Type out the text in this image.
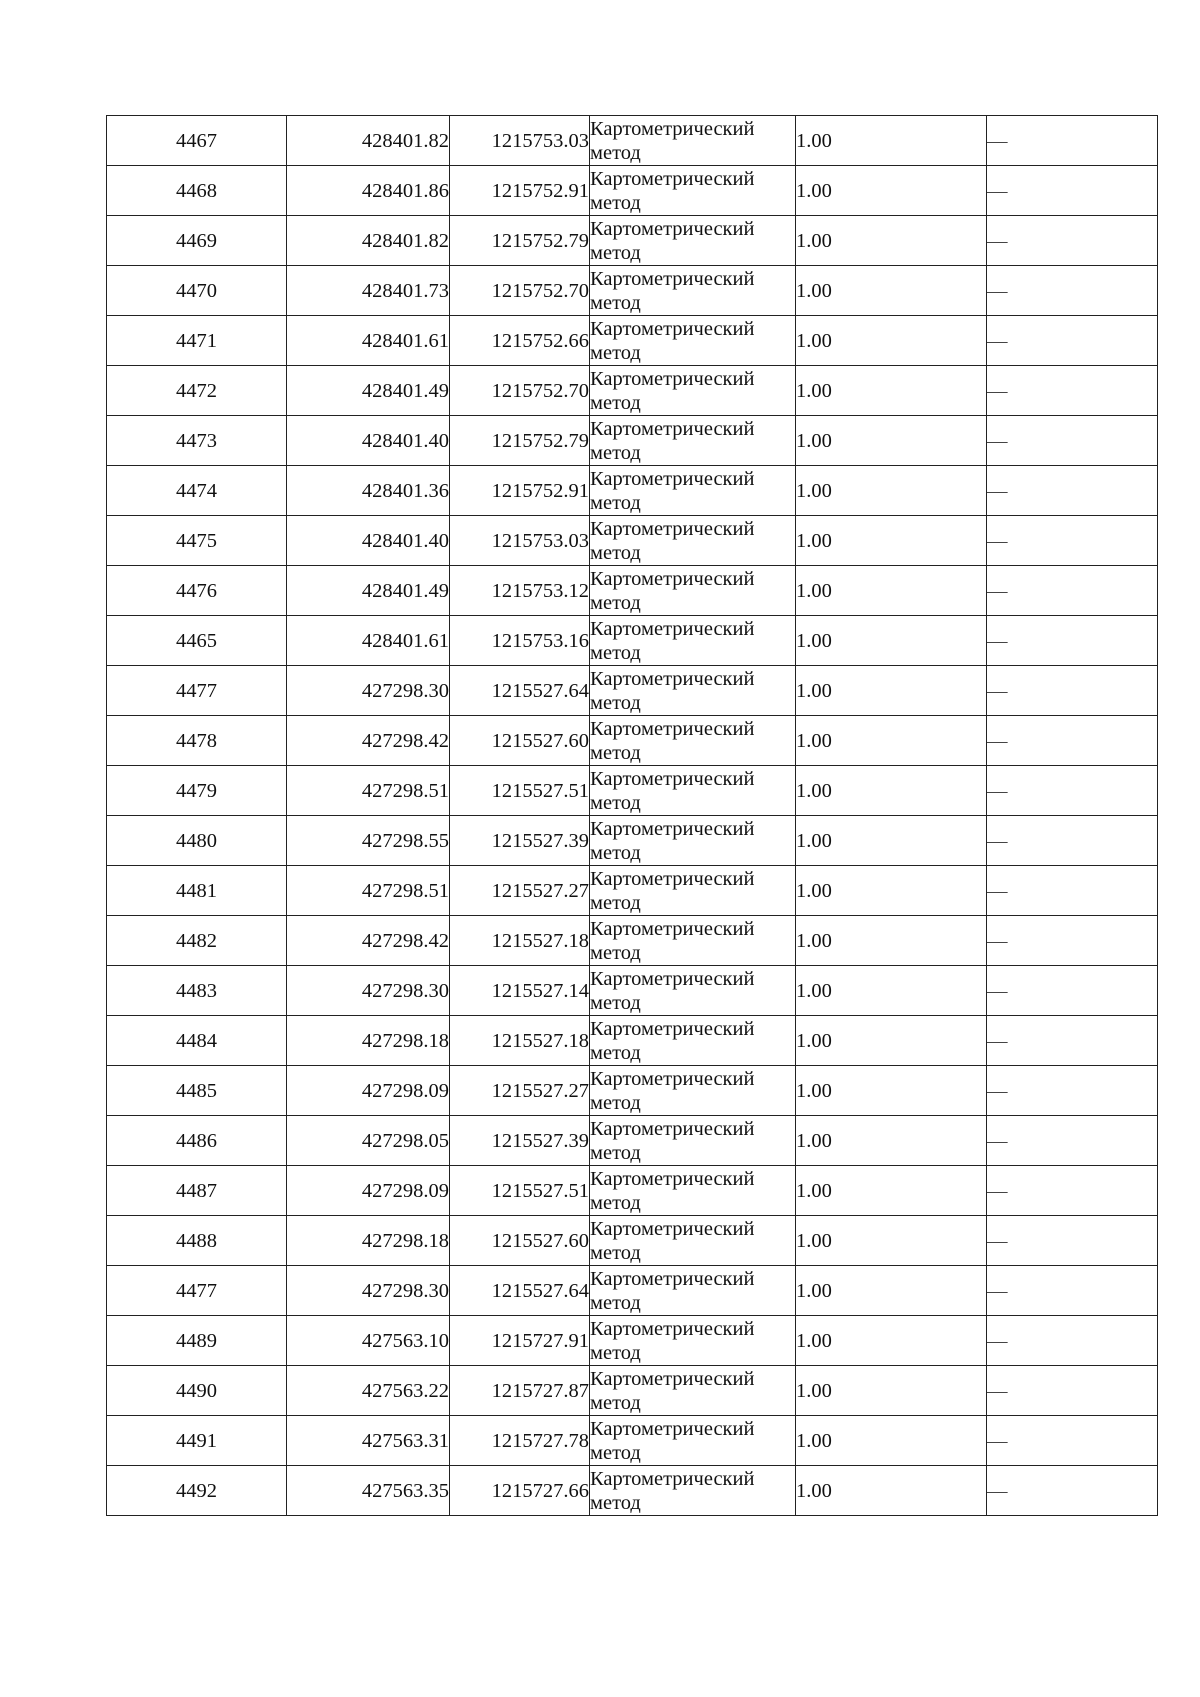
4467	428401.82	1215753.03	Картометрический
метод	1.00	—
4468	428401.86	1215752.91	Картометрический
метод	1.00	—
4469	428401.82	1215752.79	Картометрический
метод	1.00	—
4470	428401.73	1215752.70	Картометрический
метод	1.00	—
4471	428401.61	1215752.66	Картометрический
метод	1.00	—
4472	428401.49	1215752.70	Картометрический
метод	1.00	—
4473	428401.40	1215752.79	Картометрический
метод	1.00	—
4474	428401.36	1215752.91	Картометрический
метод	1.00	—
4475	428401.40	1215753.03	Картометрический
метод	1.00	—
4476	428401.49	1215753.12	Картометрический
метод	1.00	—
4465	428401.61	1215753.16	Картометрический
метод	1.00	—
4477	427298.30	1215527.64	Картометрический
метод	1.00	—
4478	427298.42	1215527.60	Картометрический
метод	1.00	—
4479	427298.51	1215527.51	Картометрический
метод	1.00	—
4480	427298.55	1215527.39	Картометрический
метод	1.00	—
4481	427298.51	1215527.27	Картометрический
метод	1.00	—
4482	427298.42	1215527.18	Картометрический
метод	1.00	—
4483	427298.30	1215527.14	Картометрический
метод	1.00	—
4484	427298.18	1215527.18	Картометрический
метод	1.00	—
4485	427298.09	1215527.27	Картометрический
метод	1.00	—
4486	427298.05	1215527.39	Картометрический
метод	1.00	—
4487	427298.09	1215527.51	Картометрический
метод	1.00	—
4488	427298.18	1215527.60	Картометрический
метод	1.00	—
4477	427298.30	1215527.64	Картометрический
метод	1.00	—
4489	427563.10	1215727.91	Картометрический
метод	1.00	—
4490	427563.22	1215727.87	Картометрический
метод	1.00	—
4491	427563.31	1215727.78	Картометрический
метод	1.00	—
4492	427563.35	1215727.66	Картометрический
метод	1.00	—
